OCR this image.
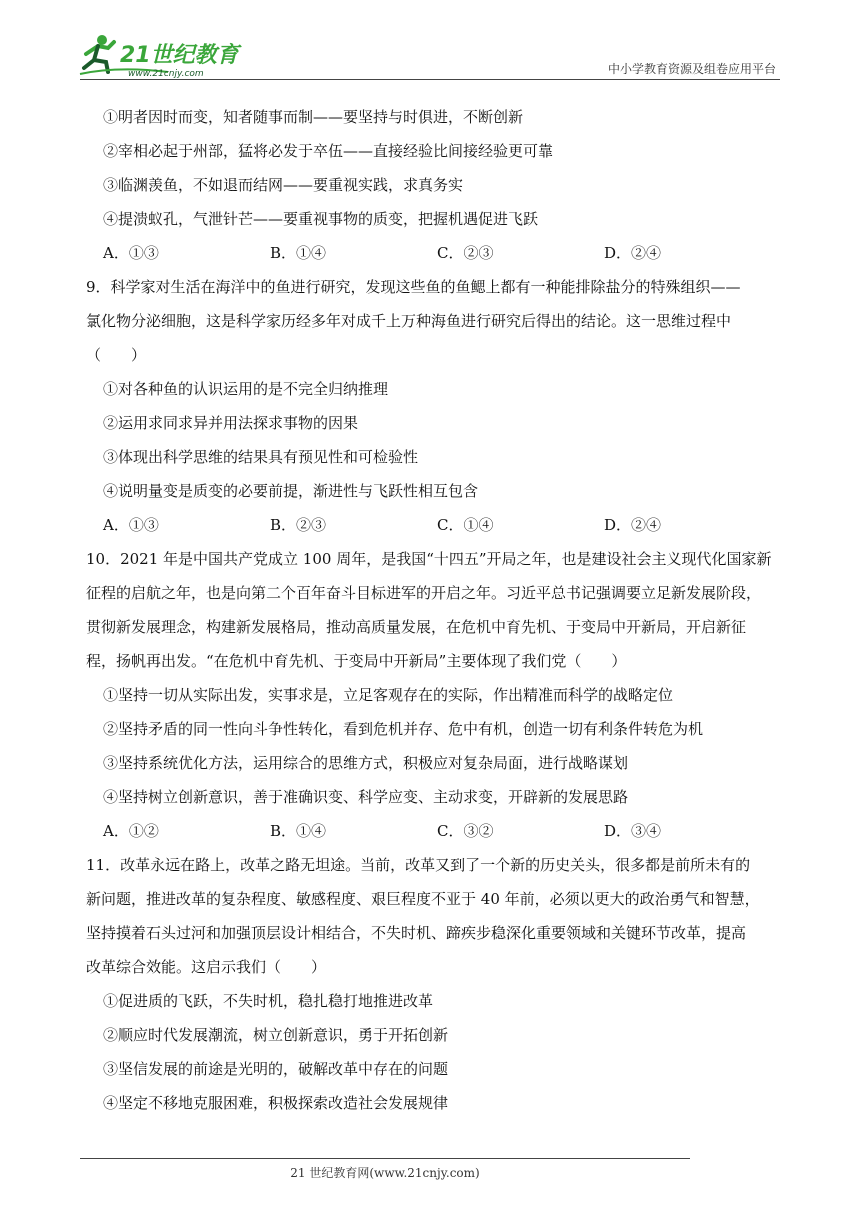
21世纪教育
www.21cnjy.com	中小学教育资源及组卷应用平台
①明者因时而变，知者随事而制——要坚持与时俱进，不断创新
②宰相必起于州部，猛将必发于卒伍——直接经验比间接经验更可靠
③临渊羡鱼，不如退而结网——要重视实践，求真务实
④提溃蚁孔，气泄针芒——要重视事物的质变，把握机遇促进飞跃
A．①③	B．①④	C．②③	D．②④
9．科学家对生活在海洋中的鱼进行研究，发现这些鱼的鱼鳃上都有一种能排除盐分的特殊组织——
氯化物分泌细胞，这是科学家历经多年对成千上万种海鱼进行研究后得出的结论。这一思维过程中
（　　）
①对各种鱼的认识运用的是不完全归纳推理
②运用求同求异并用法探求事物的因果
③体现出科学思维的结果具有预见性和可检验性
④说明量变是质变的必要前提，渐进性与飞跃性相互包含
A．①③	B．②③	C．①④	D．②④
10．2021 年是中国共产党成立 100 周年，是我国“十四五”开局之年，也是建设社会主义现代化国家新
征程的启航之年，也是向第二个百年奋斗目标进军的开启之年。习近平总书记强调要立足新发展阶段，
贯彻新发展理念，构建新发展格局，推动高质量发展，在危机中育先机、于变局中开新局，开启新征
程，扬帆再出发。“在危机中育先机、于变局中开新局”主要体现了我们党（　　）
①坚持一切从实际出发，实事求是，立足客观存在的实际，作出精准而科学的战略定位
②坚持矛盾的同一性向斗争性转化，看到危机并存、危中有机，创造一切有利条件转危为机
③坚持系统优化方法，运用综合的思维方式，积极应对复杂局面，进行战略谋划
④坚持树立创新意识，善于准确识变、科学应变、主动求变，开辟新的发展思路
A．①②	B．①④	C．③②	D．③④
11．改革永远在路上，改革之路无坦途。当前，改革又到了一个新的历史关头，很多都是前所未有的
新问题，推进改革的复杂程度、敏感程度、艰巨程度不亚于 40 年前，必须以更大的政治勇气和智慧，
坚持摸着石头过河和加强顶层设计相结合，不失时机、蹄疾步稳深化重要领域和关键环节改革，提高
改革综合效能。这启示我们（　　）
①促进质的飞跃，不失时机，稳扎稳打地推进改革
②顺应时代发展潮流，树立创新意识，勇于开拓创新
③坚信发展的前途是光明的，破解改革中存在的问题
④坚定不移地克服困难，积极探索改造社会发展规律
21 世纪教育网(www.21cnjy.com)
